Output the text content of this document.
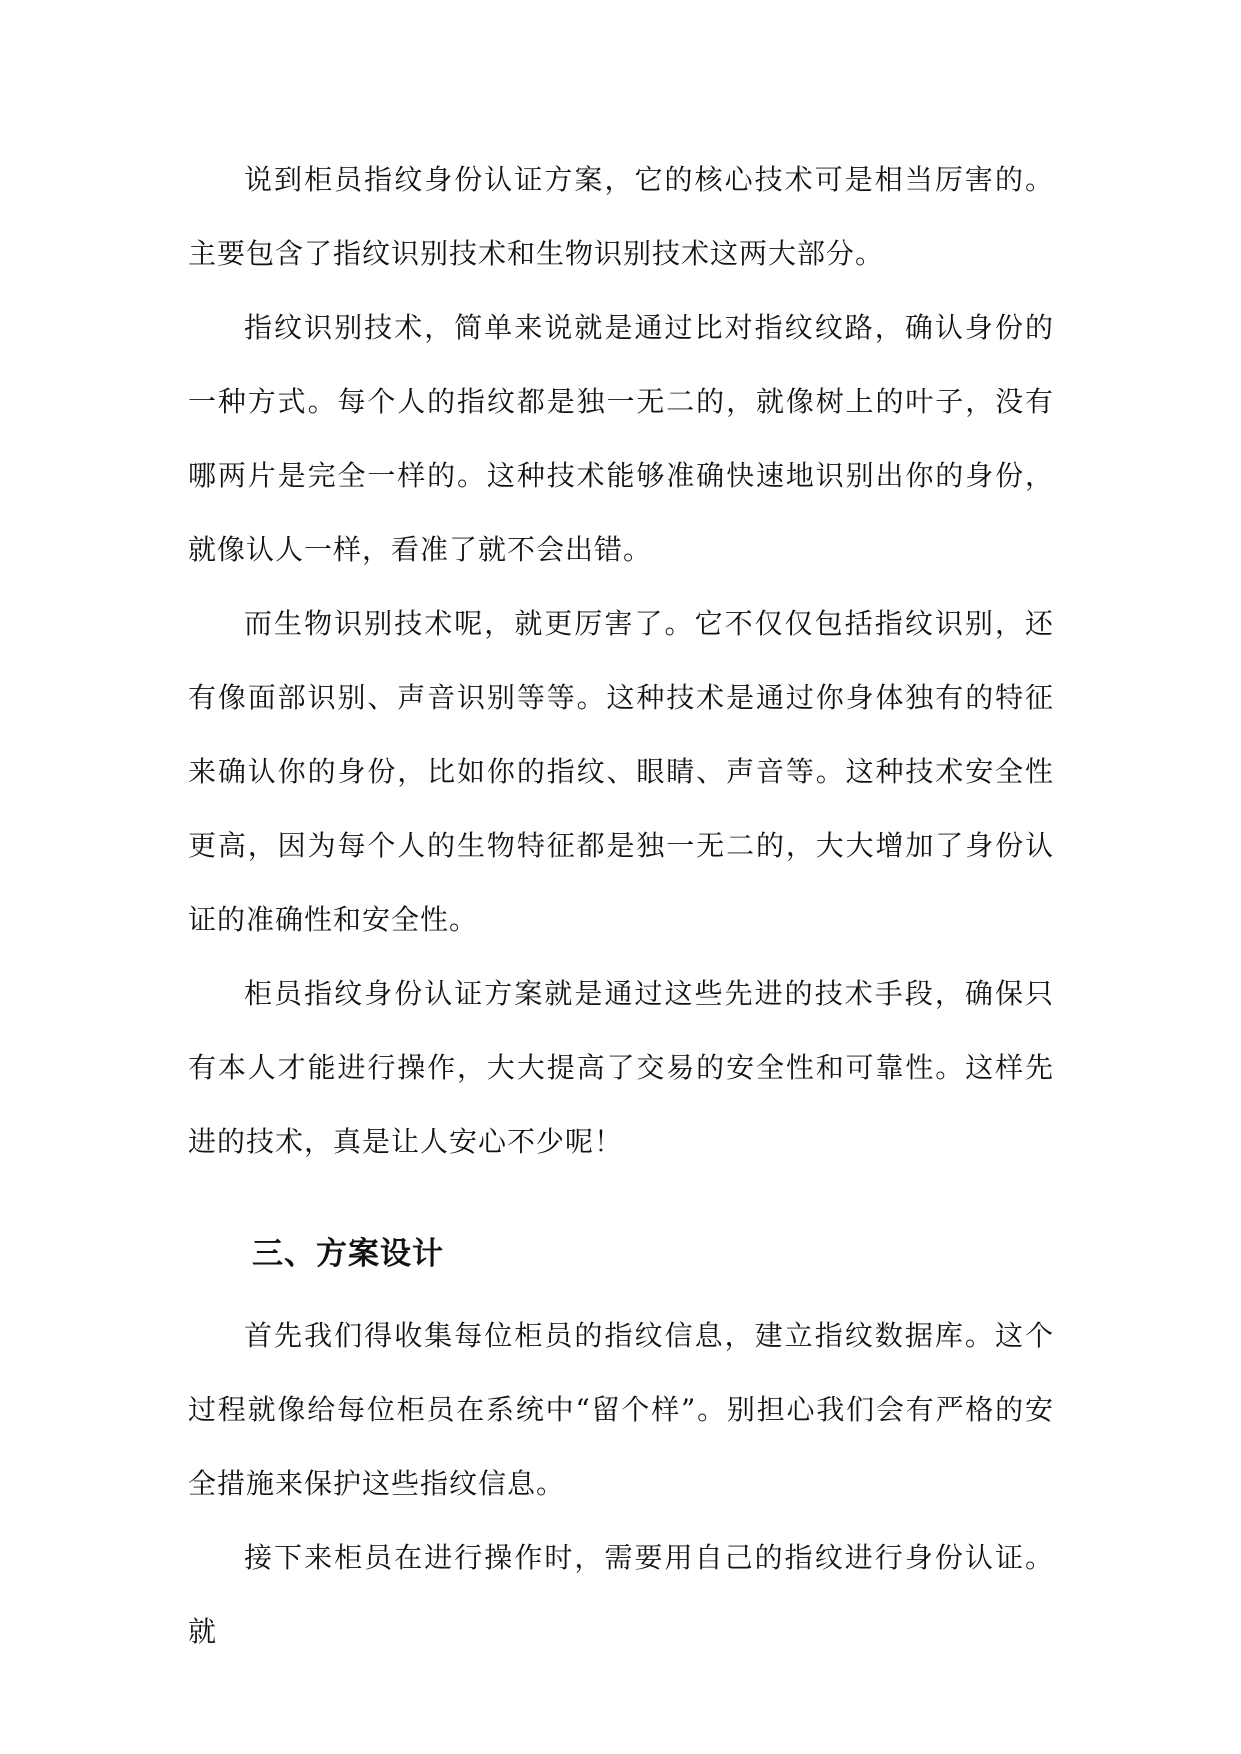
说到柜员指纹身份认证方案，它的核心技术可是相当厉害的。主要包含了指纹识别技术和生物识别技术这两大部分。

指纹识别技术，简单来说就是通过比对指纹纹路，确认身份的一种方式。每个人的指纹都是独一无二的，就像树上的叶子，没有哪两片是完全一样的。这种技术能够准确快速地识别出你的身份，就像认人一样，看准了就不会出错。

而生物识别技术呢，就更厉害了。它不仅仅包括指纹识别，还有像面部识别、声音识别等等。这种技术是通过你身体独有的特征来确认你的身份，比如你的指纹、眼睛、声音等。这种技术安全性更高，因为每个人的生物特征都是独一无二的，大大增加了身份认证的准确性和安全性。

柜员指纹身份认证方案就是通过这些先进的技术手段，确保只有本人才能进行操作，大大提高了交易的安全性和可靠性。这样先进的技术，真是让人安心不少呢！

三、方案设计

首先我们得收集每位柜员的指纹信息，建立指纹数据库。这个过程就像给每位柜员在系统中“留个样”。别担心我们会有严格的安全措施来保护这些指纹信息。

接下来柜员在进行操作时，需要用自己的指纹进行身份认证。就
